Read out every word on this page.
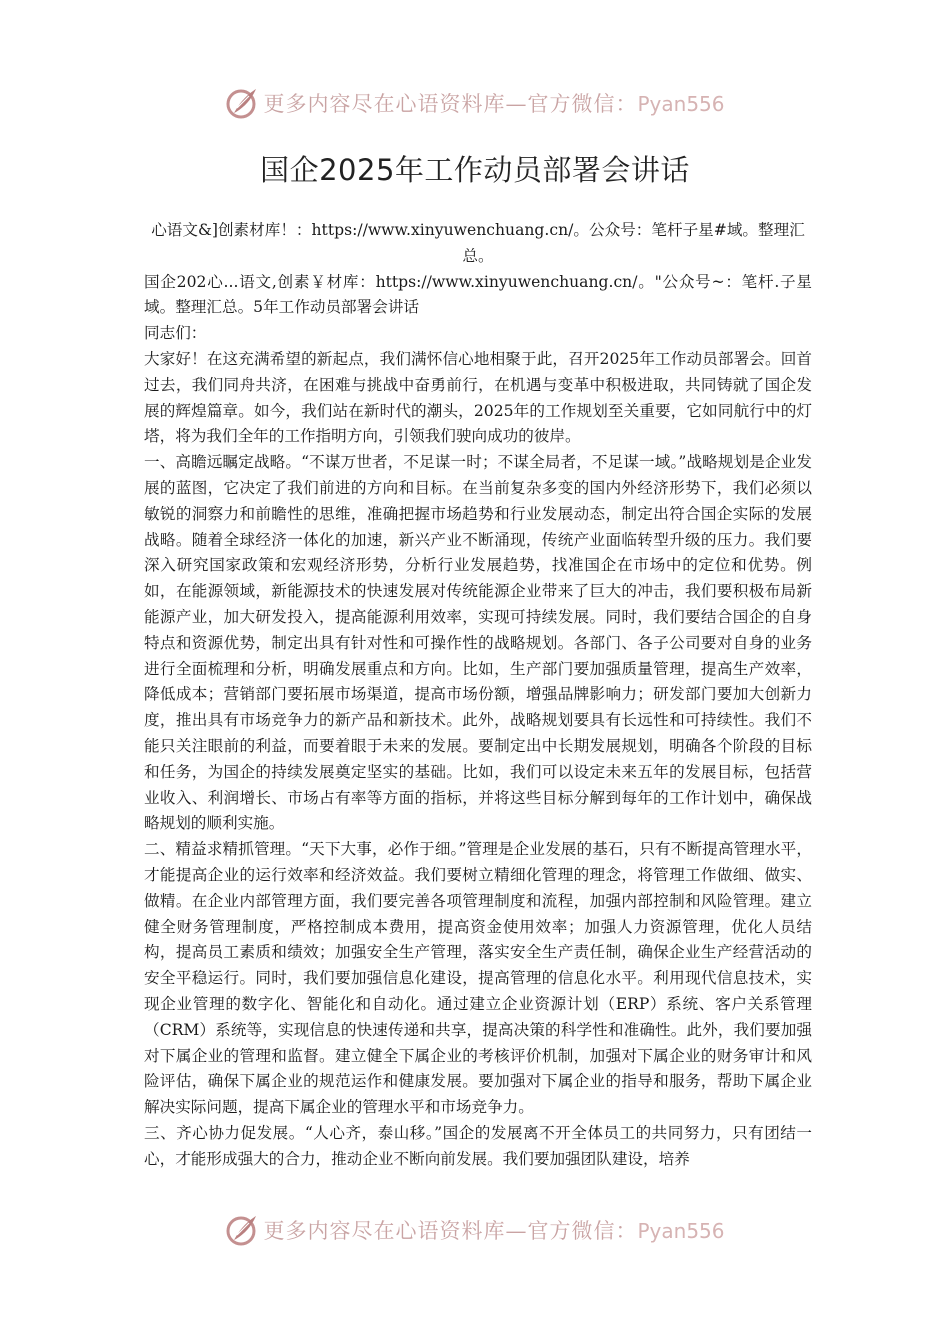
更多内容尽在心语资料库—官方微信：Pyan556
国企2025年工作动员部署会讲话
心语文&]创素材库！：https://www.xinyuwenchuang.cn/。公众号：笔杆子星#域。整理汇总。

国企202心...语文,创素￥材库：https://www.xinyuwenchuang.cn/。"公众号~：笔杆.子星域。整理汇总。5年工作动员部署会讲话

同志们：

大家好！在这充满希望的新起点，我们满怀信心地相聚于此，召开2025年工作动员部署会。回首过去，我们同舟共济，在困难与挑战中奋勇前行，在机遇与变革中积极进取，共同铸就了国企发展的辉煌篇章。如今，我们站在新时代的潮头，2025年的工作规划至关重要，它如同航行中的灯塔，将为我们全年的工作指明方向，引领我们驶向成功的彼岸。

一、高瞻远瞩定战略。“不谋万世者，不足谋一时；不谋全局者，不足谋一域。”战略规划是企业发展的蓝图，它决定了我们前进的方向和目标。在当前复杂多变的国内外经济形势下，我们必须以敏锐的洞察力和前瞻性的思维，准确把握市场趋势和行业发展动态，制定出符合国企实际的发展战略。随着全球经济一体化的加速，新兴产业不断涌现，传统产业面临转型升级的压力。我们要深入研究国家政策和宏观经济形势，分析行业发展趋势，找准国企在市场中的定位和优势。例如，在能源领域，新能源技术的快速发展对传统能源企业带来了巨大的冲击，我们要积极布局新能源产业，加大研发投入，提高能源利用效率，实现可持续发展。同时，我们要结合国企的自身特点和资源优势，制定出具有针对性和可操作性的战略规划。各部门、各子公司要对自身的业务进行全面梳理和分析，明确发展重点和方向。比如，生产部门要加强质量管理，提高生产效率，降低成本；营销部门要拓展市场渠道，提高市场份额，增强品牌影响力；研发部门要加大创新力度，推出具有市场竞争力的新产品和新技术。此外，战略规划要具有长远性和可持续性。我们不能只关注眼前的利益，而要着眼于未来的发展。要制定出中长期发展规划，明确各个阶段的目标和任务，为国企的持续发展奠定坚实的基础。比如，我们可以设定未来五年的发展目标，包括营业收入、利润增长、市场占有率等方面的指标，并将这些目标分解到每年的工作计划中，确保战略规划的顺利实施。

二、精益求精抓管理。“天下大事，必作于细。”管理是企业发展的基石，只有不断提高管理水平，才能提高企业的运行效率和经济效益。我们要树立精细化管理的理念，将管理工作做细、做实、做精。在企业内部管理方面，我们要完善各项管理制度和流程，加强内部控制和风险管理。建立健全财务管理制度，严格控制成本费用，提高资金使用效率；加强人力资源管理，优化人员结构，提高员工素质和绩效；加强安全生产管理，落实安全生产责任制，确保企业生产经营活动的安全平稳运行。同时，我们要加强信息化建设，提高管理的信息化水平。利用现代信息技术，实现企业管理的数字化、智能化和自动化。通过建立企业资源计划（ERP）系统、客户关系管理（CRM）系统等，实现信息的快速传递和共享，提高决策的科学性和准确性。此外，我们要加强对下属企业的管理和监督。建立健全下属企业的考核评价机制，加强对下属企业的财务审计和风险评估，确保下属企业的规范运作和健康发展。要加强对下属企业的指导和服务，帮助下属企业解决实际问题，提高下属企业的管理水平和市场竞争力。

三、齐心协力促发展。“人心齐，泰山移。”国企的发展离不开全体员工的共同努力，只有团结一心，才能形成强大的合力，推动企业不断向前发展。我们要加强团队建设，培养

更多内容尽在心语资料库—官方微信：Pyan556
